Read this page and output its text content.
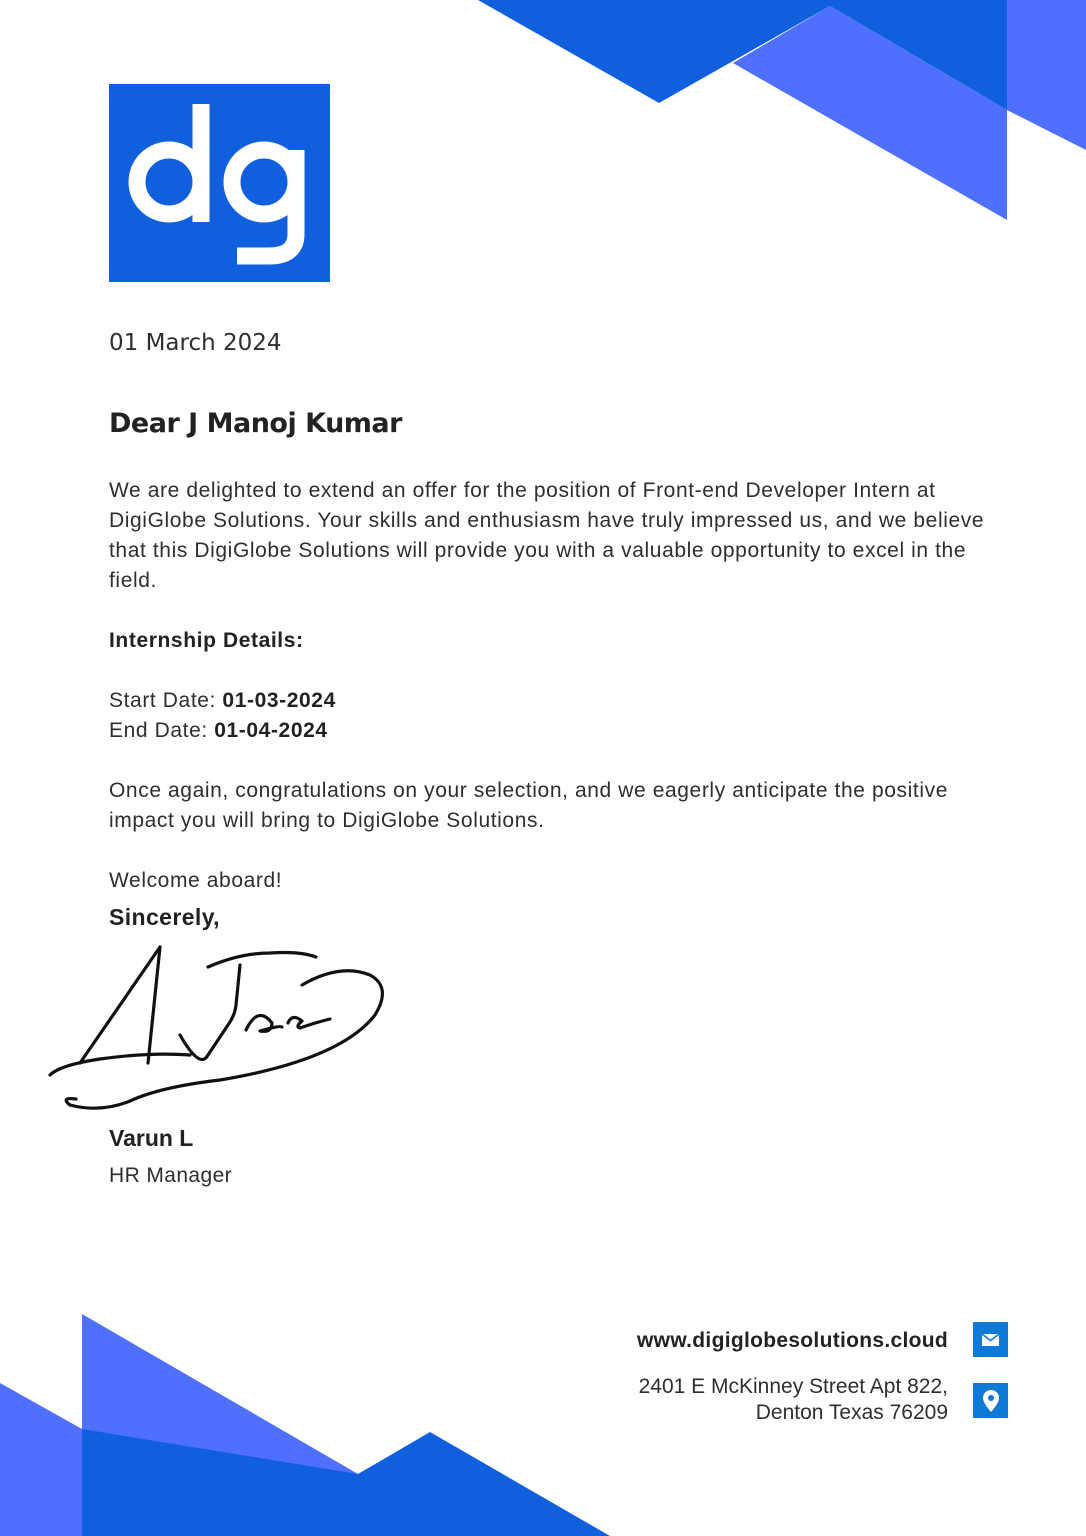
01 March 2024
Dear J Manoj Kumar
We are delighted to extend an offer for the position of Front-end Developer Intern at DigiGlobe Solutions. Your skills and enthusiasm have truly impressed us, and we believe that this DigiGlobe Solutions will provide you with a valuable opportunity to excel in the field.
Internship Details:
Start Date: 01-03-2024
End Date: 01-04-2024
Once again, congratulations on your selection, and we eagerly anticipate the positive impact you will bring to DigiGlobe Solutions.
Welcome aboard!
Sincerely,
Varun L
HR Manager
www.digiglobesolutions.cloud
2401 E McKinney Street Apt 822,
Denton Texas 76209
